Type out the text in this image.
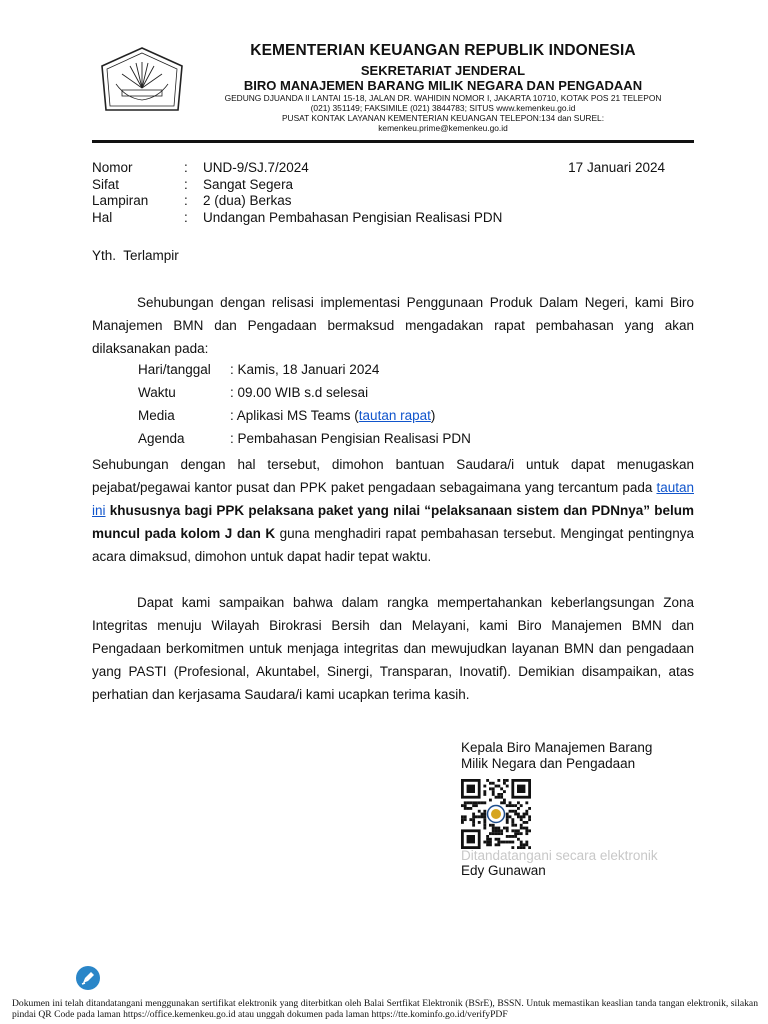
KEMENTERIAN KEUANGAN REPUBLIK INDONESIA
SEKRETARIAT JENDERAL
BIRO MANAJEMEN BARANG MILIK NEGARA DAN PENGADAAN
GEDUNG DJUANDA II LANTAI 15-18, JALAN DR. WAHIDIN NOMOR I, JAKARTA 10710, KOTAK POS 21 TELEPON
(021) 351149; FAKSIMILE (021) 3844783; SITUS www.kemenkeu.go.id
PUSAT KONTAK LAYANAN KEMENTERIAN KEUANGAN TELEPON:134 dan SUREL:
kemenkeu.prime@kemenkeu.go.id
Nomor	: UND-9/SJ.7/2024
Sifat	: Sangat Segera
Lampiran	: 2 (dua) Berkas
Hal	: Undangan Pembahasan Pengisian Realisasi PDN
17 Januari 2024
Yth.  Terlampir
Sehubungan dengan relisasi implementasi Penggunaan Produk Dalam Negeri, kami Biro Manajemen BMN dan Pengadaan bermaksud mengadakan rapat pembahasan yang akan dilaksanakan pada:
Hari/tanggal : Kamis, 18 Januari 2024
Waktu	: 09.00 WIB s.d selesai
Media	: Aplikasi MS Teams (tautan rapat)
Agenda	: Pembahasan Pengisian Realisasi PDN
Sehubungan dengan hal tersebut, dimohon bantuan Saudara/i untuk dapat menugaskan pejabat/pegawai kantor pusat dan PPK paket pengadaan sebagaimana yang tercantum pada tautan ini khususnya bagi PPK pelaksana paket yang nilai “pelaksanaan sistem dan PDNnya” belum muncul pada kolom J dan K guna menghadiri rapat pembahasan tersebut. Mengingat pentingnya acara dimaksud, dimohon untuk dapat hadir tepat waktu.
Dapat kami sampaikan bahwa dalam rangka mempertahankan keberlangsungan Zona Integritas menuju Wilayah Birokrasi Bersih dan Melayani, kami Biro Manajemen BMN dan Pengadaan berkomitmen untuk menjaga integritas dan mewujudkan layanan BMN dan pengadaan yang PASTI (Profesional, Akuntabel, Sinergi, Transparan, Inovatif). Demikian disampaikan, atas perhatian dan kerjasama Saudara/i kami ucapkan terima kasih.
Kepala Biro Manajemen Barang
Milik Negara dan Pengadaan
Ditandatangani secara elektronik
Edy Gunawan
Dokumen ini telah ditandatangani menggunakan sertifikat elektronik yang diterbitkan oleh Balai Sertfikat Elektronik (BSrE), BSSN. Untuk memastikan keaslian tanda tangan elektronik, silakan pindai QR Code pada laman https://office.kemenkeu.go.id atau unggah dokumen pada laman https://tte.kominfo.go.id/verifyPDF
